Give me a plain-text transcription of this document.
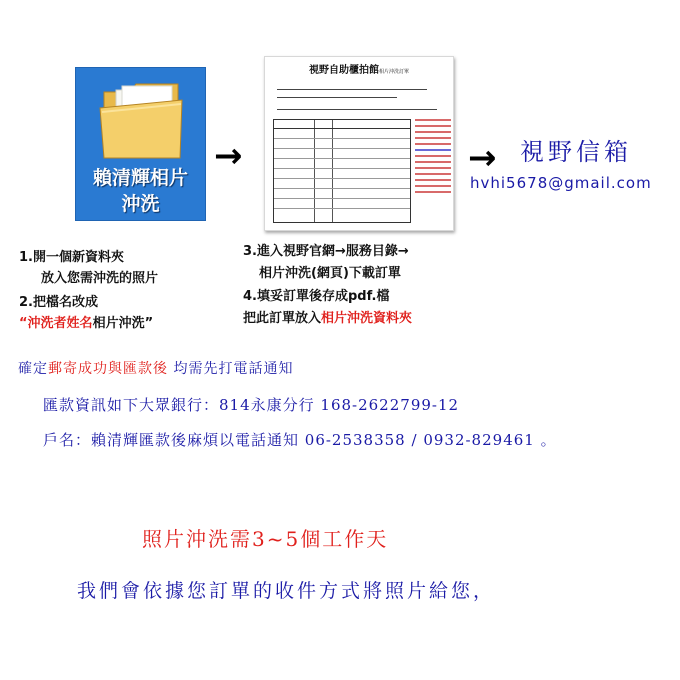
賴清輝相片
沖洗
→
視野自助櫃拍館相片沖洗訂單
→ 視野信箱
hvhi5678@gmail.com
1.開一個新資料夾
放入您需沖洗的照片
2.把檔名改成
“沖洗者姓名相片沖洗”
3.進入視野官網→服務目錄→
相片沖洗(網頁)下載訂單
4.填妥訂單後存成pdf.檔
把此訂單放入相片沖洗資料夾
確定郵寄成功與匯款後 均需先打電話通知
匯款資訊如下大眾銀行：814永康分行 168-2622799-12
戶名：賴清輝匯款後麻煩以電話通知 06-2538358 / 0932-829461 。
照片沖洗需3~5個工作天
我們會依據您訂單的收件方式將照片給您，
